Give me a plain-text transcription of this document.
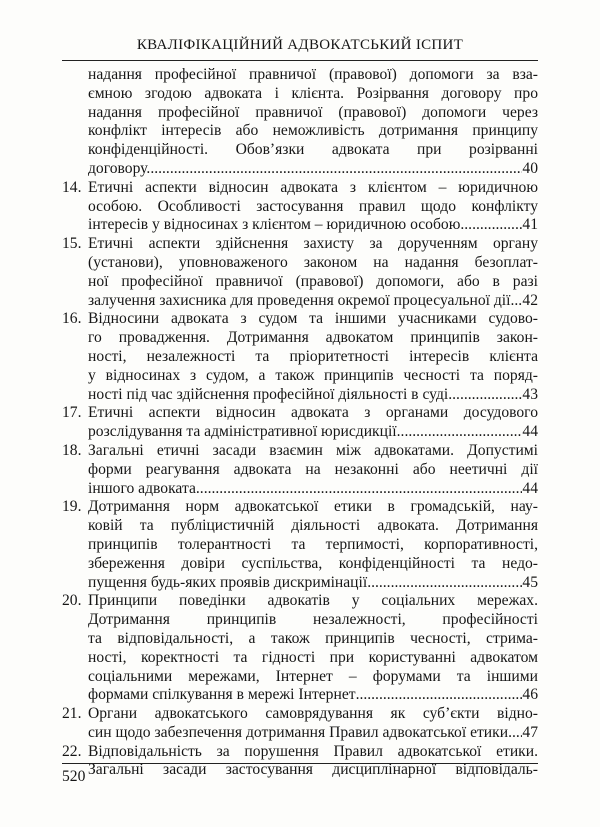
КВАЛІФІКАЦІЙНИЙ АДВОКАТСЬКИЙ ІСПИТ
надання професійної правничої (правової) допомоги за вза-
ємною згодою адвоката і клієнта. Розірвання договору про
надання професійної правничої (правової) допомоги через
конфлікт інтересів або неможливість дотримання принципу
конфіденційності. Обов’язки адвоката при розірванні
договору. .....	40
14. Етичні аспекти відносин адвоката з клієнтом – юридичною
особою. Особливості застосування правил щодо конфлікту
інтересів у відносинах з клієнтом – юридичною особою .....	41
15. Етичні аспекти здійснення захисту за дорученням органу
(установи), уповноваженого законом на надання безоплат-
ної професійної правничої (правової) допомоги, або в разі
залучення захисника для проведення окремої процесуальної дії ..... 42
16. Відносини адвоката з судом та іншими учасниками судово-
го провадження. Дотримання адвокатом принципів закон-
ності, незалежності та пріоритетності інтересів клієнта
у відносинах з судом, а також принципів чесності та поряд-
ності під час здійснення професійної діяльності в суді .....	43
17. Етичні аспекти відносин адвоката з органами досудового
розслідування та адміністративної юрисдикції .....	44
18. Загальні етичні засади взаємин між адвокатами. Допустимі
форми реагування адвоката на незаконні або неетичні дії
іншого адвоката .....	44
19. Дотримання норм адвокатської етики в громадській, нау-
ковій та публіцистичній діяльності адвоката. Дотримання
принципів толерантності та терпимості, корпоративності,
збереження довіри суспільства, конфіденційності та недо-
пущення будь-яких проявів дискримінації .....	45
20. Принципи поведінки адвокатів у соціальних мережах.
Дотримання принципів незалежності, професійності
та відповідальності, а також принципів чесності, стрима-
ності, коректності та гідності при користуванні адвокатом
соціальними мережами, Інтернет – форумами та іншими
формами спілкування в мережі Інтернет .....	46
21. Органи адвокатського самоврядування як суб’єкти відно-
син щодо забезпечення дотримання Правил адвокатської етики ..... 47
22. Відповідальність за порушення Правил адвокатської етики.
Загальні засади застосування дисциплінарної відповідаль-
520
